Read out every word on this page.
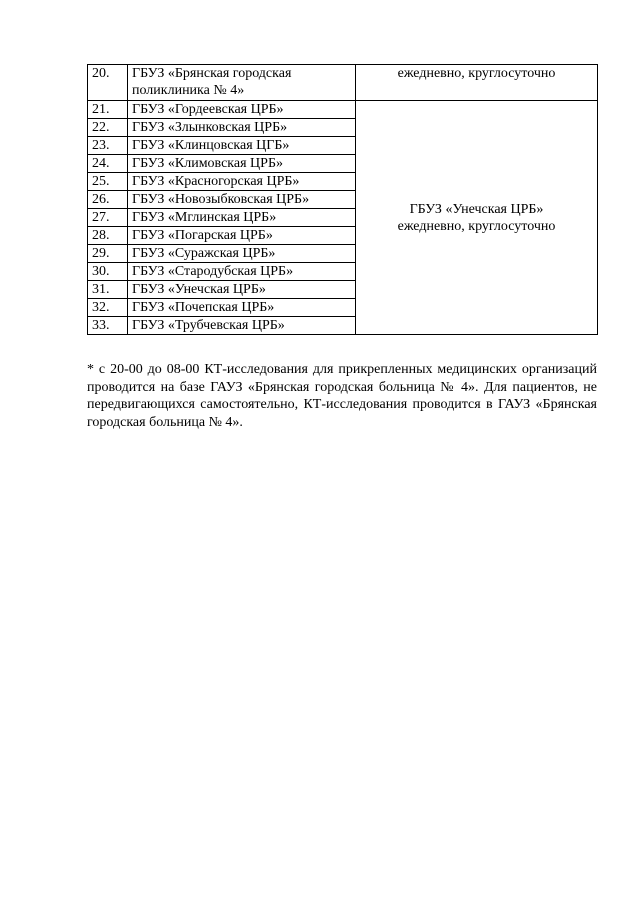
20.	ГБУЗ «Брянская городская поликлиника № 4»	ежедневно, круглосуточно
21.	ГБУЗ «Гордеевская ЦРБ»	ГБУЗ «Унечская ЦРБ»
ежедневно, круглосуточно

22.	ГБУЗ «Злынковская ЦРБ»	
23.	ГБУЗ «Клинцовская ЦГБ»	
24.	ГБУЗ «Климовская ЦРБ»	
25.	ГБУЗ «Красногорская ЦРБ»	
26.	ГБУЗ «Новозыбковская ЦРБ»	
27.	ГБУЗ «Мглинская ЦРБ»	
28.	ГБУЗ «Погарская ЦРБ»	
29.	ГБУЗ «Суражская ЦРБ»	
30.	ГБУЗ «Стародубская ЦРБ»	
31.	ГБУЗ «Унечская ЦРБ»	
32.	ГБУЗ «Почепская ЦРБ»	
33.	ГБУЗ «Трубчевская ЦРБ»	

* с 20-00 до 08-00 КТ-исследования для прикрепленных медицинских организаций проводится на базе ГАУЗ «Брянская городская больница № 4». Для пациентов, не передвигающихся самостоятельно, КТ-исследования проводится в ГАУЗ «Брянская городская больница № 4».
